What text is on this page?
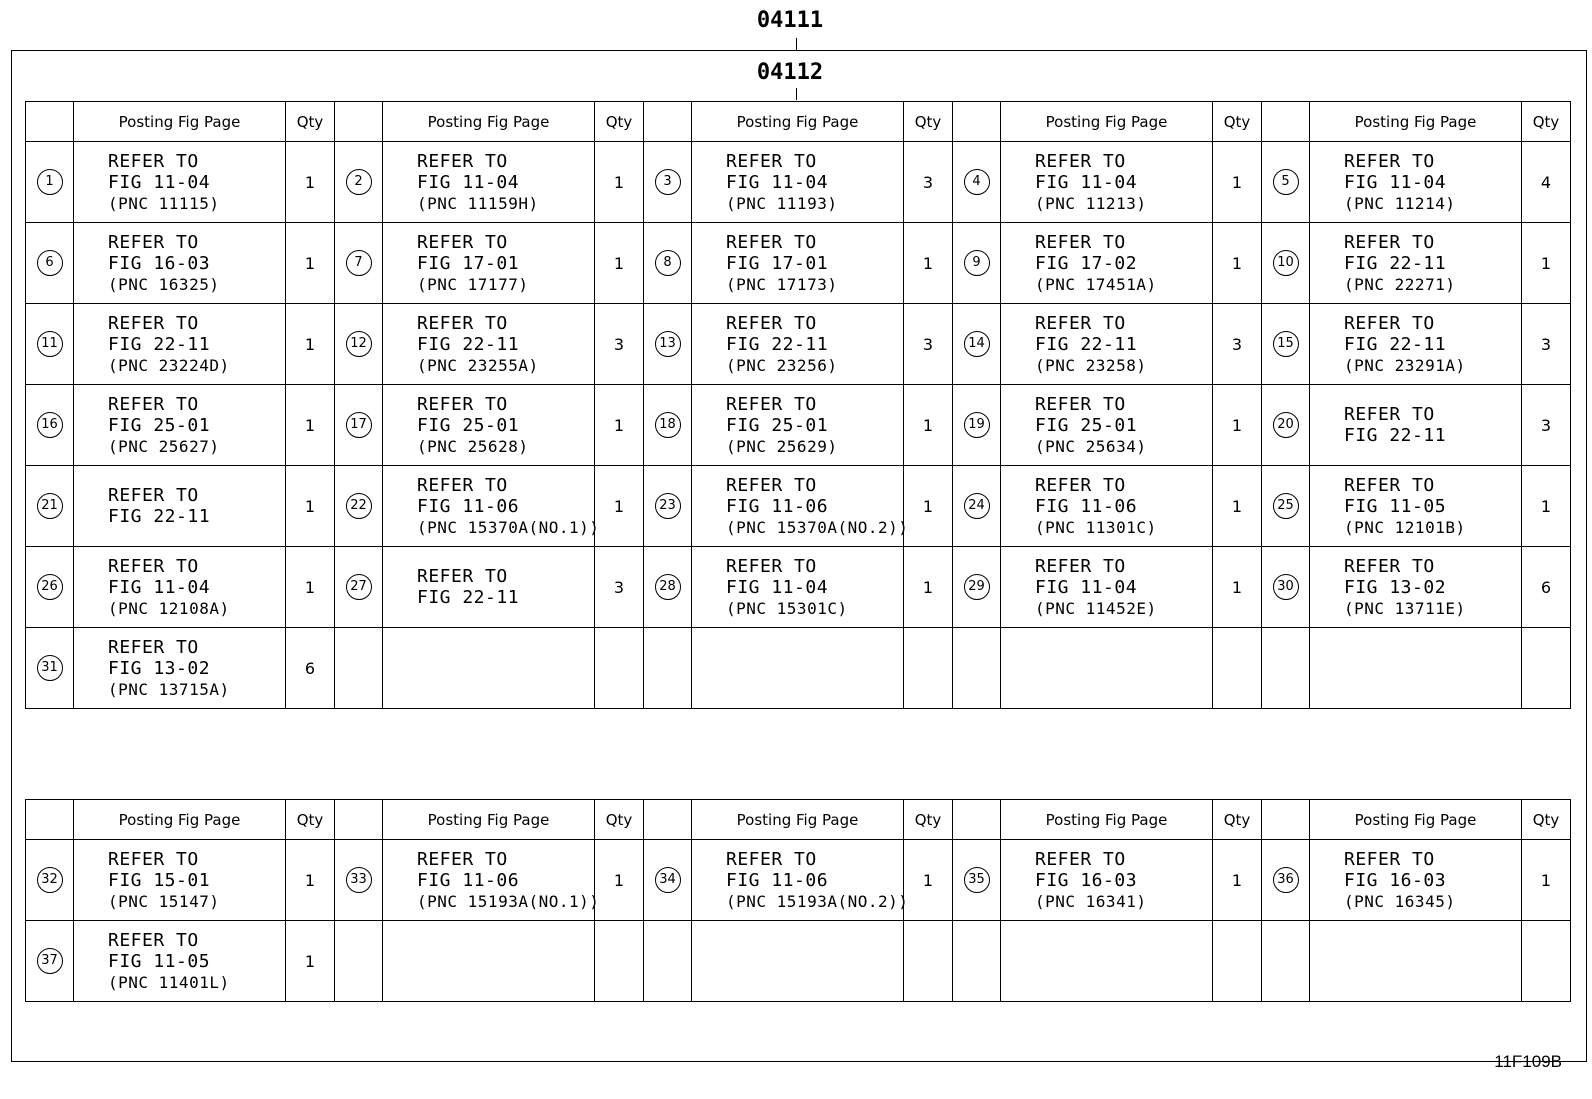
04111
04112
	Posting Fig Page	Qty		Posting Fig Page	Qty		Posting Fig Page	Qty		Posting Fig Page	Qty		Posting Fig Page	Qty
1	REFER TO
FIG 11-04
(PNC 11115)	1	2	REFER TO
FIG 11-04
(PNC 11159H)	1	3	REFER TO
FIG 11-04
(PNC 11193)	3	4	REFER TO
FIG 11-04
(PNC 11213)	1	5	REFER TO
FIG 11-04
(PNC 11214)	4
6	REFER TO
FIG 16-03
(PNC 16325)	1	7	REFER TO
FIG 17-01
(PNC 17177)	1	8	REFER TO
FIG 17-01
(PNC 17173)	1	9	REFER TO
FIG 17-02
(PNC 17451A)	1	10	REFER TO
FIG 22-11
(PNC 22271)	1
11	REFER TO
FIG 22-11
(PNC 23224D)	1	12	REFER TO
FIG 22-11
(PNC 23255A)	3	13	REFER TO
FIG 22-11
(PNC 23256)	3	14	REFER TO
FIG 22-11
(PNC 23258)	3	15	REFER TO
FIG 22-11
(PNC 23291A)	3
16	REFER TO
FIG 25-01
(PNC 25627)	1	17	REFER TO
FIG 25-01
(PNC 25628)	1	18	REFER TO
FIG 25-01
(PNC 25629)	1	19	REFER TO
FIG 25-01
(PNC 25634)	1	20	REFER TO
FIG 22-11	3
21	REFER TO
FIG 22-11	1	22	REFER TO
FIG 11-06
(PNC 15370A(NO.1))	1	23	REFER TO
FIG 11-06
(PNC 15370A(NO.2))	1	24	REFER TO
FIG 11-06
(PNC 11301C)	1	25	REFER TO
FIG 11-05
(PNC 12101B)	1
26	REFER TO
FIG 11-04
(PNC 12108A)	1	27	REFER TO
FIG 22-11	3	28	REFER TO
FIG 11-04
(PNC 15301C)	1	29	REFER TO
FIG 11-04
(PNC 11452E)	1	30	REFER TO
FIG 13-02
(PNC 13711E)	6
31	REFER TO
FIG 13-02
(PNC 13715A)	6												
	Posting Fig Page	Qty		Posting Fig Page	Qty		Posting Fig Page	Qty		Posting Fig Page	Qty		Posting Fig Page	Qty
32	REFER TO
FIG 15-01
(PNC 15147)	1	33	REFER TO
FIG 11-06
(PNC 15193A(NO.1))	1	34	REFER TO
FIG 11-06
(PNC 15193A(NO.2))	1	35	REFER TO
FIG 16-03
(PNC 16341)	1	36	REFER TO
FIG 16-03
(PNC 16345)	1
37	REFER TO
FIG 11-05
(PNC 11401L)	1												
11F109B
